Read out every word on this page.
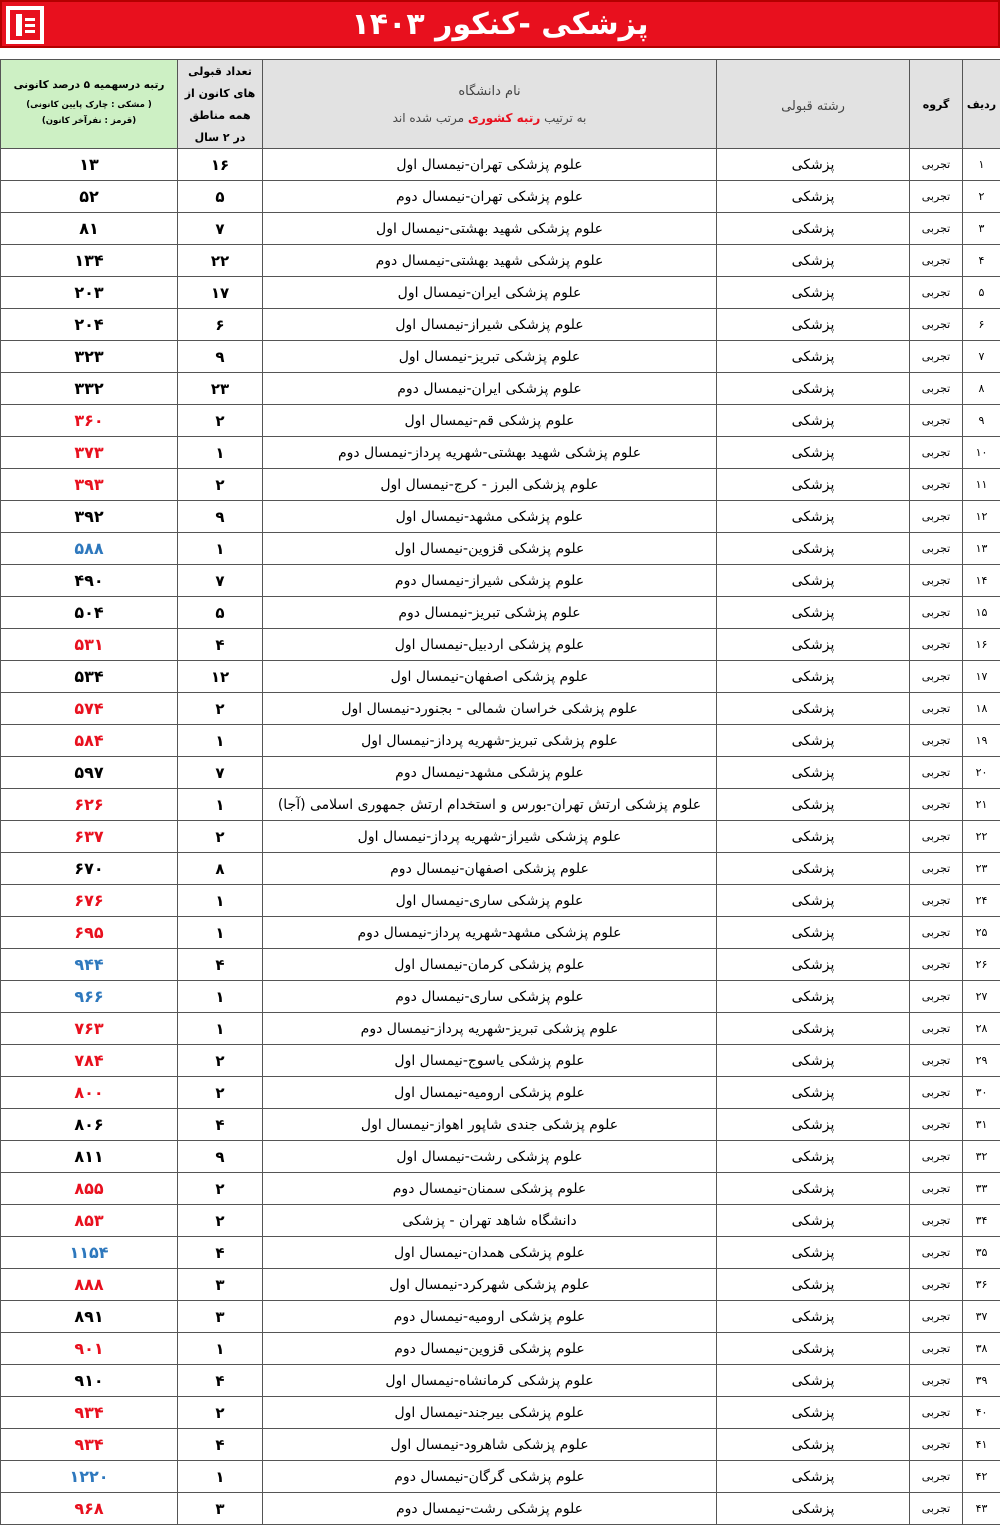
پزشکی -کنکور ۱۴۰۳
ردیف	گروه	رشته قبولی	نام دانشگاه
به ترتیب رتبه کشوری مرتب شده اند	تعداد قبولی های کانون از همه مناطق در ۲ سال	رتبه درسهمیه ۵ درصد کانونی
( مشکی : چارک پایین کانونی)
(قرمز : نفرآخر کانون)

۱	تجربی	پزشکی	علوم پزشکی تهران-نیمسال اول	۱۶	۱۳
۲	تجربی	پزشکی	علوم پزشکی تهران-نیمسال دوم	۵	۵۲
۳	تجربی	پزشکی	علوم پزشکی شهید بهشتی-نیمسال اول	۷	۸۱
۴	تجربی	پزشکی	علوم پزشکی شهید بهشتی-نیمسال دوم	۲۲	۱۳۴
۵	تجربی	پزشکی	علوم پزشکی ایران-نیمسال اول	۱۷	۲۰۳
۶	تجربی	پزشکی	علوم پزشکی شیراز-نیمسال اول	۶	۲۰۴
۷	تجربی	پزشکی	علوم پزشکی تبریز-نیمسال اول	۹	۳۲۳
۸	تجربی	پزشکی	علوم پزشکی ایران-نیمسال دوم	۲۳	۳۳۲
۹	تجربی	پزشکی	علوم پزشکی قم-نیمسال اول	۲	۳۶۰
۱۰	تجربی	پزشکی	علوم پزشکی شهید بهشتی-شهریه پرداز-نیمسال دوم	۱	۳۷۳
۱۱	تجربی	پزشکی	علوم پزشکی البرز - کرج-نیمسال اول	۲	۳۹۳
۱۲	تجربی	پزشکی	علوم پزشکی مشهد-نیمسال اول	۹	۳۹۲
۱۳	تجربی	پزشکی	علوم پزشکی قزوین-نیمسال اول	۱	۵۸۸
۱۴	تجربی	پزشکی	علوم پزشکی شیراز-نیمسال دوم	۷	۴۹۰
۱۵	تجربی	پزشکی	علوم پزشکی تبریز-نیمسال دوم	۵	۵۰۴
۱۶	تجربی	پزشکی	علوم پزشکی اردبیل-نیمسال اول	۴	۵۳۱
۱۷	تجربی	پزشکی	علوم پزشکی اصفهان-نیمسال اول	۱۲	۵۳۴
۱۸	تجربی	پزشکی	علوم پزشکی خراسان شمالی - بجنورد-نیمسال اول	۲	۵۷۴
۱۹	تجربی	پزشکی	علوم پزشکی تبریز-شهریه پرداز-نیمسال اول	۱	۵۸۴
۲۰	تجربی	پزشکی	علوم پزشکی مشهد-نیمسال دوم	۷	۵۹۷
۲۱	تجربی	پزشکی	علوم پزشکی ارتش تهران-بورس و استخدام ارتش جمهوری اسلامی (آجا)	۱	۶۲۶
۲۲	تجربی	پزشکی	علوم پزشکی شیراز-شهریه پرداز-نیمسال اول	۲	۶۳۷
۲۳	تجربی	پزشکی	علوم پزشکی اصفهان-نیمسال دوم	۸	۶۷۰
۲۴	تجربی	پزشکی	علوم پزشکی ساری-نیمسال اول	۱	۶۷۶
۲۵	تجربی	پزشکی	علوم پزشکی مشهد-شهریه پرداز-نیمسال دوم	۱	۶۹۵
۲۶	تجربی	پزشکی	علوم پزشکی کرمان-نیمسال اول	۴	۹۴۴
۲۷	تجربی	پزشکی	علوم پزشکی ساری-نیمسال دوم	۱	۹۶۶
۲۸	تجربی	پزشکی	علوم پزشکی تبریز-شهریه پرداز-نیمسال دوم	۱	۷۶۳
۲۹	تجربی	پزشکی	علوم پزشکی یاسوج-نیمسال اول	۲	۷۸۴
۳۰	تجربی	پزشکی	علوم پزشکی ارومیه-نیمسال اول	۲	۸۰۰
۳۱	تجربی	پزشکی	علوم پزشکی جندی شاپور اهواز-نیمسال اول	۴	۸۰۶
۳۲	تجربی	پزشکی	علوم پزشکی رشت-نیمسال اول	۹	۸۱۱
۳۳	تجربی	پزشکی	علوم پزشکی سمنان-نیمسال دوم	۲	۸۵۵
۳۴	تجربی	پزشکی	دانشگاه شاهد تهران - پزشکی	۲	۸۵۳
۳۵	تجربی	پزشکی	علوم پزشکی همدان-نیمسال اول	۴	۱۱۵۴
۳۶	تجربی	پزشکی	علوم پزشکی شهرکرد-نیمسال اول	۳	۸۸۸
۳۷	تجربی	پزشکی	علوم پزشکی ارومیه-نیمسال دوم	۳	۸۹۱
۳۸	تجربی	پزشکی	علوم پزشکی قزوین-نیمسال دوم	۱	۹۰۱
۳۹	تجربی	پزشکی	علوم پزشکی کرمانشاه-نیمسال اول	۴	۹۱۰
۴۰	تجربی	پزشکی	علوم پزشکی بیرجند-نیمسال اول	۲	۹۳۴
۴۱	تجربی	پزشکی	علوم پزشکی شاهرود-نیمسال اول	۴	۹۳۴
۴۲	تجربی	پزشکی	علوم پزشکی گرگان-نیمسال دوم	۱	۱۲۲۰
۴۳	تجربی	پزشکی	علوم پزشکی رشت-نیمسال دوم	۳	۹۶۸
